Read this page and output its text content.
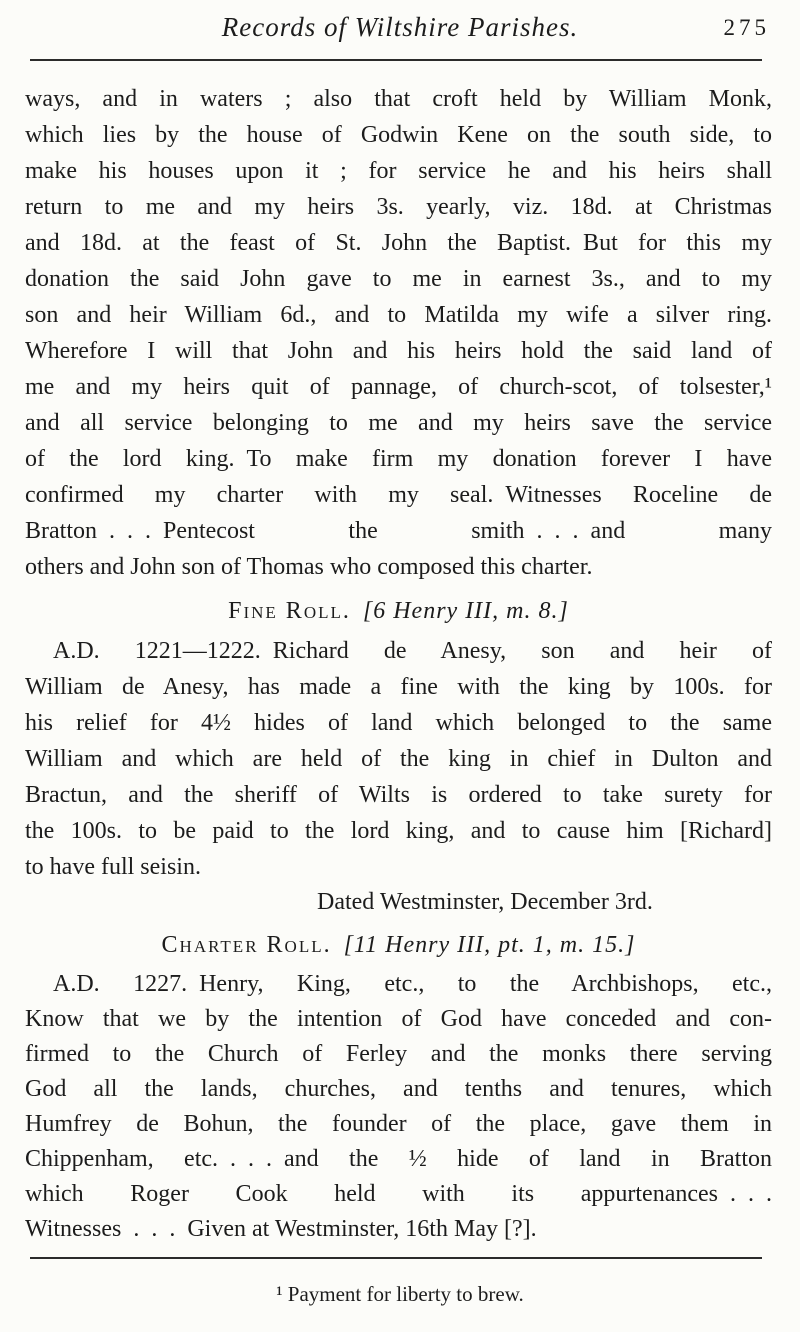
Records of Wiltshire Parishes.	275
ways, and in waters ; also that croft held by William Monk,
which lies by the house of Godwin Kene on the south side, to
make his houses upon it ; for service he and his heirs shall
return to me and my heirs 3s. yearly, viz. 18d. at Christmas
and 18d. at the feast of St. John the Baptist. But for this my
donation the said John gave to me in earnest 3s., and to my
son and heir William 6d., and to Matilda my wife a silver ring.
Wherefore I will that John and his heirs hold the said land of
me and my heirs quit of pannage, of church-scot, of tolsester,¹
and all service belonging to me and my heirs save the service
of the lord king. To make firm my donation forever I have
confirmed my charter with my seal. Witnesses Roceline de
Bratton . . . Pentecost the smith . . . and many
others and John son of Thomas who composed this charter.
Fine Roll. [6 Henry III, m. 8.]
A.D. 1221—1222. Richard de Anesy, son and heir of
William de Anesy, has made a fine with the king by 100s. for
his relief for 4½ hides of land which belonged to the same
William and which are held of the king in chief in Dulton and
Bractun, and the sheriff of Wilts is ordered to take surety for
the 100s. to be paid to the lord king, and to cause him [Richard]
to have full seisin.
Dated Westminster, December 3rd.
Charter Roll. [11 Henry III, pt. 1, m. 15.]
A.D. 1227. Henry, King, etc., to the Archbishops, etc.,
Know that we by the intention of God have conceded and con-
firmed to the Church of Ferley and the monks there serving
God all the lands, churches, and tenths and tenures, which
Humfrey de Bohun, the founder of the place, gave them in
Chippenham, etc. . . . and the ½ hide of land in Bratton
which Roger Cook held with its appurtenances . . .
Witnesses . . . Given at Westminster, 16th May [?].
¹ Payment for liberty to brew.
